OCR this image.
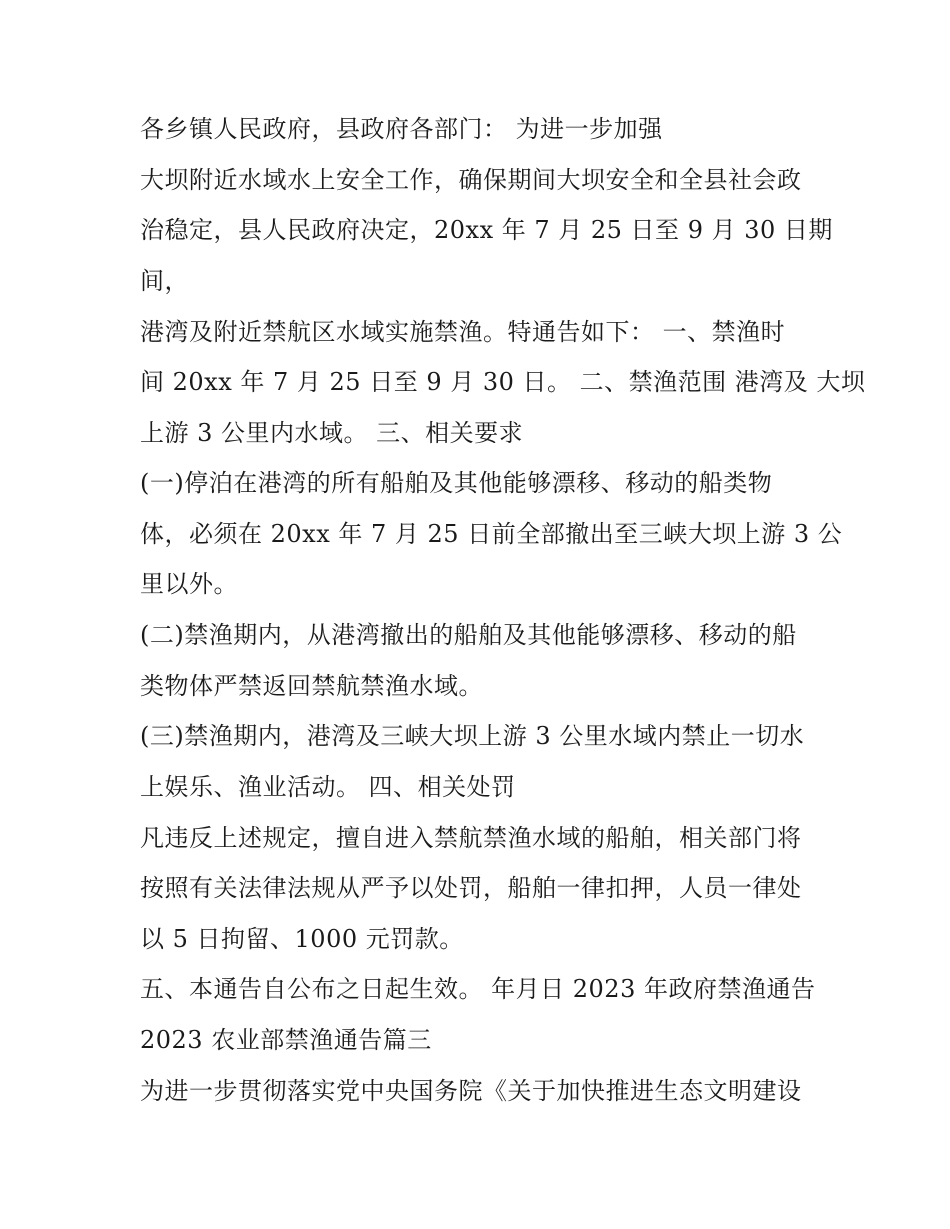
各乡镇人民政府，县政府各部门： 为进一步加强
大坝附近水域水上安全工作，确保期间大坝安全和全县社会政
治稳定，县人民政府决定，20xx 年 7 月 25 日至 9 月 30 日期
间，
港湾及附近禁航区水域实施禁渔。特通告如下： 一、禁渔时
间 20xx 年 7 月 25 日至 9 月 30 日。 二、禁渔范围 港湾及 大坝
上游 3 公里内水域。 三、相关要求
(一)停泊在港湾的所有船舶及其他能够漂移、移动的船类物
体，必须在 20xx 年 7 月 25 日前全部撤出至三峡大坝上游 3 公
里以外。
(二)禁渔期内，从港湾撤出的船舶及其他能够漂移、移动的船
类物体严禁返回禁航禁渔水域。
(三)禁渔期内，港湾及三峡大坝上游 3 公里水域内禁止一切水
上娱乐、渔业活动。 四、相关处罚
凡违反上述规定，擅自进入禁航禁渔水域的船舶，相关部门将
按照有关法律法规从严予以处罚，船舶一律扣押，人员一律处
以 5 日拘留、1000 元罚款。
五、本通告自公布之日起生效。 年月日 2023 年政府禁渔通告
2023 农业部禁渔通告篇三
为进一步贯彻落实党中央国务院《关于加快推进生态文明建设
